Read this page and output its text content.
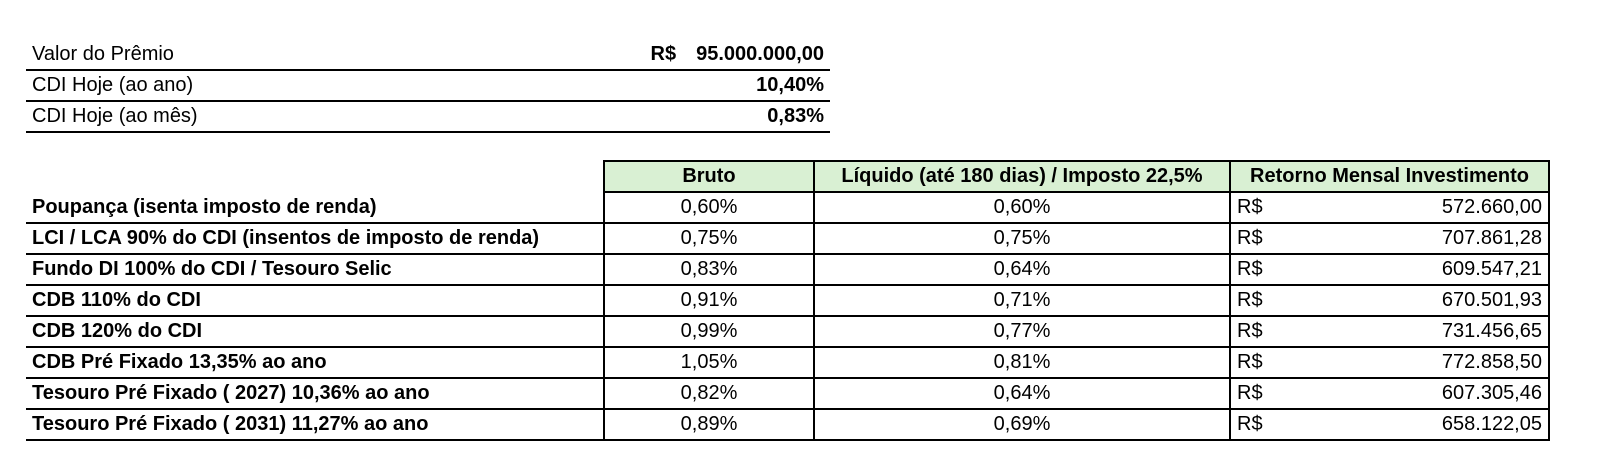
Valor do Prêmio	R$ 95.000.000,00
CDI Hoje (ao ano)	10,40%
CDI Hoje (ao mês)	0,83%
	Bruto	Líquido (até 180 dias) / Imposto 22,5%	Retorno Mensal Investimento
Poupança (isenta imposto de renda)	0,60%	0,60%	R$ 572.660,00

LCI / LCA 90% do CDI (insentos de imposto de renda)	0,75%	0,75%	R$ 707.861,28

Fundo DI 100% do CDI / Tesouro Selic	0,83%	0,64%	R$ 609.547,21

CDB 110% do CDI	0,91%	0,71%	R$ 670.501,93

CDB 120% do CDI	0,99%	0,77%	R$ 731.456,65

CDB Pré Fixado 13,35% ao ano	1,05%	0,81%	R$ 772.858,50

Tesouro Pré Fixado ( 2027) 10,36% ao ano	0,82%	0,64%	R$ 607.305,46

Tesouro Pré Fixado ( 2031) 11,27% ao ano	0,89%	0,69%	R$ 658.122,05
